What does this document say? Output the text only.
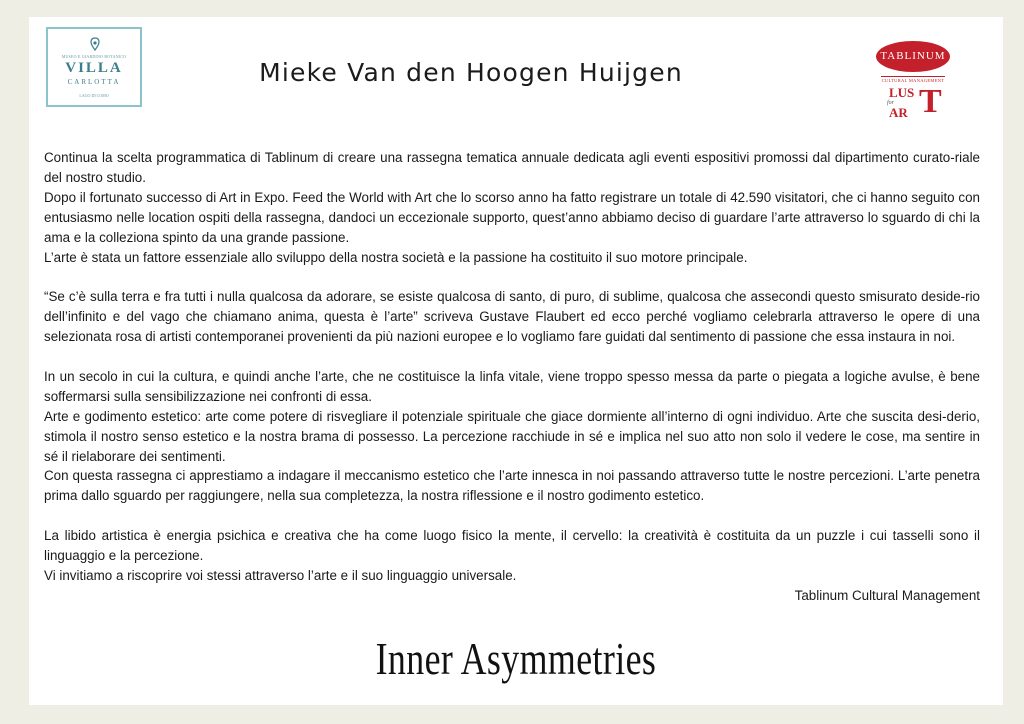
MUSEO E GIARDINO BOTANICO
VILLA
CARLOTTA
LAGO DI COMO
Mieke Van den Hoogen Huijgen
TABLINUM
CULTURAL MANAGEMENT
LUS
for
AR T

Continua la scelta programmatica di Tablinum di creare una rassegna tematica annuale dedicata agli eventi espositivi promossi dal dipartimento curato-riale del nostro studio.

Dopo il fortunato successo di Art in Expo. Feed the World with Art che lo scorso anno ha fatto registrare un totale di 42.590 visitatori, che ci hanno seguito con entusiasmo nelle location ospiti della rassegna, dandoci un eccezionale supporto, quest’anno abbiamo deciso di guardare l’arte attraverso lo sguardo di chi la ama e la colleziona spinto da una grande passione.

L’arte è stata un fattore essenziale allo sviluppo della nostra società e la passione ha costituito il suo motore principale.

“Se c’è sulla terra e fra tutti i nulla qualcosa da adorare, se esiste qualcosa di santo, di puro, di sublime, qualcosa che assecondi questo smisurato deside-rio dell’infinito e del vago che chiamano anima, questa è l’arte” scriveva Gustave Flaubert ed ecco perché vogliamo celebrarla attraverso le opere di una selezionata rosa di artisti contemporanei provenienti da più nazioni europee e lo vogliamo fare guidati dal sentimento di passione che essa instaura in noi.

In un secolo in cui la cultura, e quindi anche l’arte, che ne costituisce la linfa vitale, viene troppo spesso messa da parte o piegata a logiche avulse, è bene soffermarsi sulla sensibilizzazione nei confronti di essa.

Arte e godimento estetico: arte come potere di risvegliare il potenziale spirituale che giace dormiente all’interno di ogni individuo. Arte che suscita desi-derio, stimola il nostro senso estetico e la nostra brama di possesso. La percezione racchiude in sé e implica nel suo atto non solo il vedere le cose, ma sentire in sé il rielaborare dei sentimenti.

Con questa rassegna ci apprestiamo a indagare il meccanismo estetico che l’arte innesca in noi passando attraverso tutte le nostre percezioni. L’arte penetra prima dallo sguardo per raggiungere, nella sua completezza, la nostra riflessione e il nostro godimento estetico.

La libido artistica è energia psichica e creativa che ha come luogo fisico la mente, il cervello: la creatività è costituita da un puzzle i cui tasselli sono il linguaggio e la percezione.

Vi invitiamo a riscoprire voi stessi attraverso l’arte e il suo linguaggio universale.

Tablinum Cultural Management

Inner Asymmetries
